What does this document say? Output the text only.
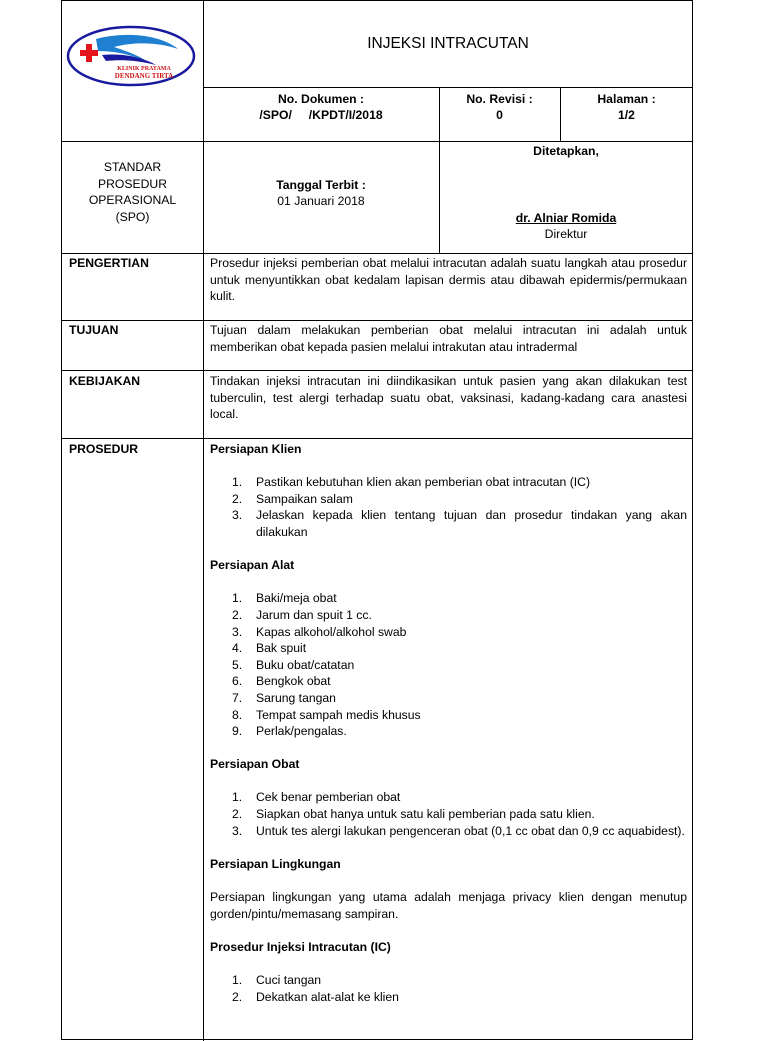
KLINIK PRATAMA
DENDANG TIRTA
INJEKSI INTRACUTAN
No. Dokumen :
/SPO/     /KPDT/I/2018
No. Revisi :
0
Halaman :
1/2
STANDAR
PROSEDUR
OPERASIONAL
(SPO)
Tanggal Terbit :
01 Januari 2018
Ditetapkan,
dr. Alniar Romida
Direktur
PENGERTIAN	Prosedur injeksi pemberian obat melalui intracutan adalah suatu langkah atau prosedur untuk menyuntikkan obat kedalam lapisan dermis atau dibawah epidermis/permukaan kulit.
TUJUAN	Tujuan dalam melakukan pemberian obat melalui intracutan ini adalah untuk memberikan obat kepada pasien melalui intrakutan atau intradermal
KEBIJAKAN	Tindakan injeksi intracutan ini diindikasikan untuk pasien yang akan dilakukan test tuberculin, test alergi terhadap suatu obat, vaksinasi, kadang-kadang cara anastesi local.
PROSEDUR	Persiapan Klien
1. Pastikan kebutuhan klien akan pemberian obat intracutan (IC)
2. Sampaikan salam
3. Jelaskan kepada klien tentang tujuan dan prosedur tindakan yang akan dilakukan
Persiapan Alat
1. Baki/meja obat
2. Jarum dan spuit 1 cc.
3. Kapas alkohol/alkohol swab
4. Bak spuit
5. Buku obat/catatan
6. Bengkok obat
7. Sarung tangan
8. Tempat sampah medis khusus
9. Perlak/pengalas.
Persiapan Obat
1. Cek benar pemberian obat
2. Siapkan obat hanya untuk satu kali pemberian pada satu klien.
3. Untuk tes alergi lakukan pengenceran obat (0,1 cc obat dan 0,9 cc aquabidest).
Persiapan Lingkungan
Persiapan lingkungan yang utama adalah menjaga privacy klien dengan menutup gorden/pintu/memasang sampiran.
Prosedur Injeksi Intracutan (IC)
1. Cuci tangan
2. Dekatkan alat-alat ke klien
